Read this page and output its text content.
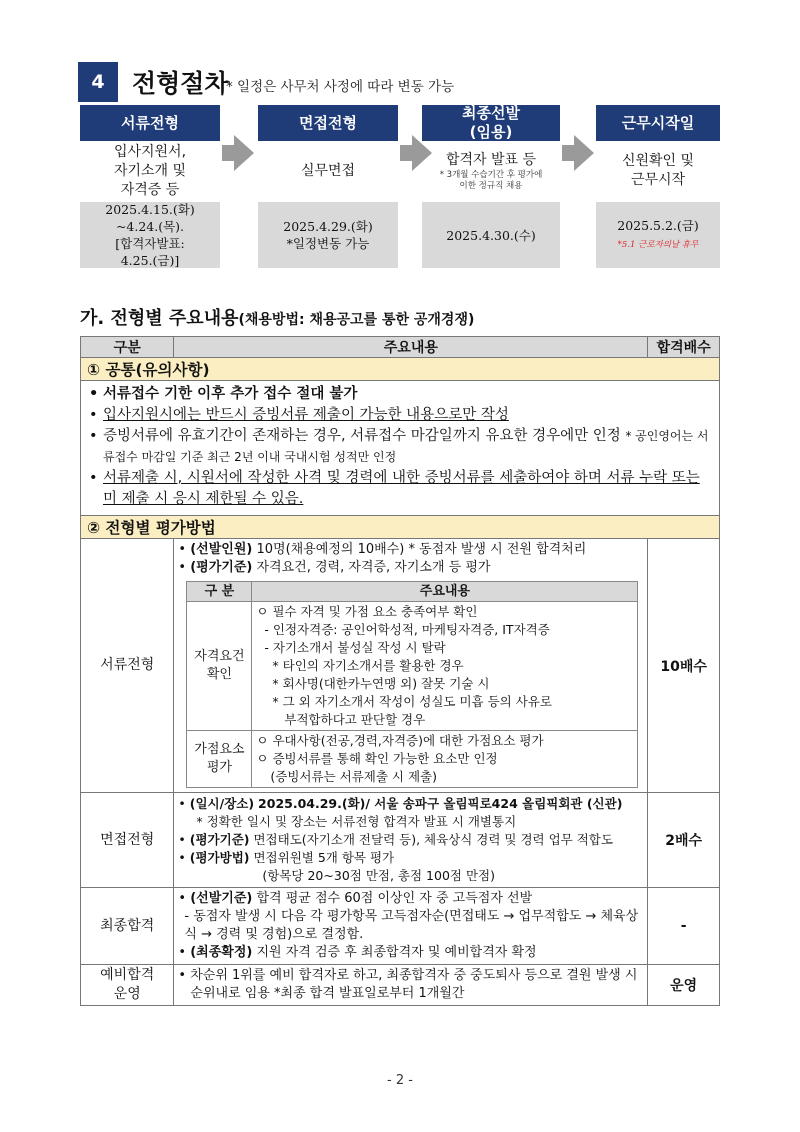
4	전형절차
* 일정은 사무처 사정에 따라 변동 가능
서류전형
입사지원서,
자기소개 및
자격증 등
2025.4.15.(화)
~4.24.(목).
[합격자발표:
4.25.(금)]
면접전형
실무면접
2025.4.29.(화)
*일정변동 가능
최종선발
(임용)
합격자 발표 등
* 3개월 수습기간 후 평가에
이한 정규직 채용
2025.4.30.(수)
근무시작일
신원확인 및
근무시작
2025.5.2.(금)
*5.1 근로자의날 휴무
가. 전형별 주요내용(채용방법: 채용공고를 통한 공개경쟁)
구분	주요내용	합격배수
① 공통(유의사항)

• 서류접수 기한 이후 추가 접수 절대 불가
• 입사지원시에는 반드시 증빙서류 제출이 가능한 내용으로만 작성
• 증빙서류에 유효기간이 존재하는 경우, 서류접수 마감일까지 유요한 경우에만 인정 * 공인영어는 서류접수 마감일 기준 최근 2년 이내 국내시험 성적만 인정
• 서류제출 시, 시원서에 작성한 사격 및 경력에 내한 증빙서류를 세출하여야 하며 서류 누락 또는 미 제출 시 응시 제한될 수 있음.

② 전형별 평가방법
서류전형	
• (선발인원) 10명(채용예정의 10배수) * 동점자 발생 시 전원 합격처리
• (평가기준) 자격요건, 경력, 자격증, 자기소개 등 평가
구 분	주요내용
자격요건
확인	
ㅇ 필수 자격 및 가점 요소 충족여부 확인
- 인정자격증: 공인어학성적, 마케팅자격증, IT자격증
- 자기소개서 불성실 작성 시 탈락
* 타인의 자기소개서를 활용한 경우
* 회사명(대한카누연맹 외) 잘못 기술 시
* 그 외 자기소개서 작성이 성실도 미흡 등의 사유로
부적합하다고 판단할 경우

가점요소
평가	
ㅇ 우대사항(전공,경력,자격증)에 대한 가점요소 평가
ㅇ 증빙서류를 통해 확인 가능한 요소만 인정
(증빙서류는 서류제출 시 제출)
	10배수
면접전형	
• (일시/장소) 2025.04.29.(화)/ 서울 송파구 올림픽로424 올림픽회관 (신관)
* 정확한 일시 및 장소는 서류전형 합격자 발표 시 개별통지
• (평가기준) 면접태도(자기소개 전달력 등), 체육상식 경력 및 경력 업무 적합도
• (평가방법) 면접위원별 5개 항목 평가
(항목당 20~30점 만점, 총점 100점 만점)
	2배수
최종합격	
• (선발기준) 합격 평균 점수 60점 이상인 자 중 고득점자 선발
- 동점자 발생 시 다음 각 평가항목 고득점자순(면접태도 → 업무적합도 → 체육상식 → 경력 및 경험)으로 결정함.
• (최종확정) 지원 자격 검증 후 최종합격자 및 예비합격자 확정
	-
예비합격
운영	
• 차순위 1위를 예비 합격자로 하고, 최종합격자 중 중도퇴사 등으로 결원 발생 시 순위내로 임용 *최종 합격 발표일로부터 1개월간	운영
- 2 -
